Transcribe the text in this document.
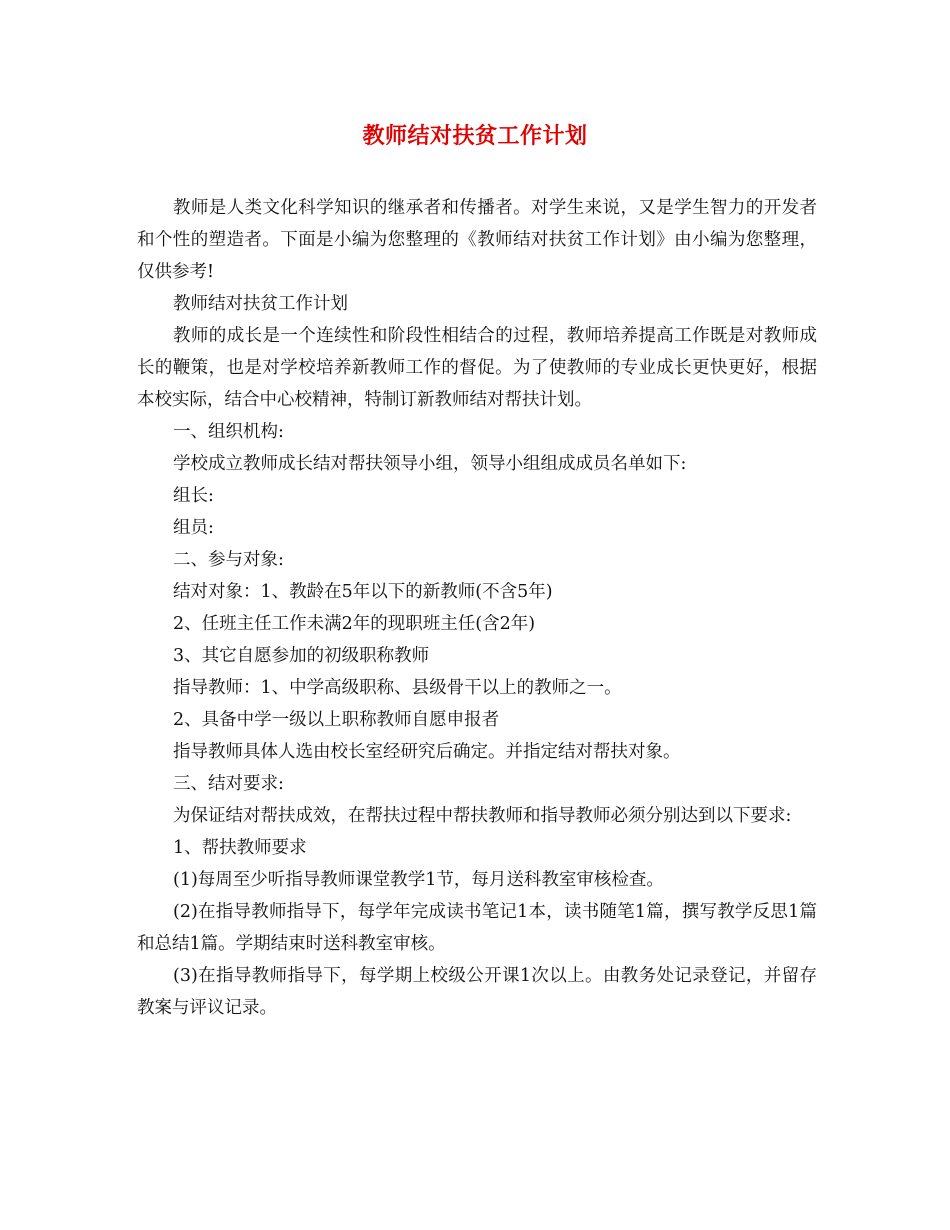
教师结对扶贫工作计划

教师是人类文化科学知识的继承者和传播者。对学生来说，又是学生智力的开发者和个性的塑造者。下面是小编为您整理的《教师结对扶贫工作计划》由小编为您整理，仅供参考!

教师结对扶贫工作计划

教师的成长是一个连续性和阶段性相结合的过程，教师培养提高工作既是对教师成长的鞭策，也是对学校培养新教师工作的督促。为了使教师的专业成长更快更好，根据本校实际，结合中心校精神，特制订新教师结对帮扶计划。

一、组织机构:

学校成立教师成长结对帮扶领导小组，领导小组组成成员名单如下:

组长:

组员:

二、参与对象:

结对对象：1、教龄在5年以下的新教师(不含5年)

2、任班主任工作未满2年的现职班主任(含2年)

3、其它自愿参加的初级职称教师

指导教师：1、中学高级职称、县级骨干以上的教师之一。

2、具备中学一级以上职称教师自愿申报者

指导教师具体人选由校长室经研究后确定。并指定结对帮扶对象。

三、结对要求:

为保证结对帮扶成效，在帮扶过程中帮扶教师和指导教师必须分别达到以下要求:

1、帮扶教师要求

(1)每周至少听指导教师课堂教学1节，每月送科教室审核检查。

(2)在指导教师指导下，每学年完成读书笔记1本，读书随笔1篇，撰写教学反思1篇和总结1篇。学期结束时送科教室审核。

(3)在指导教师指导下，每学期上校级公开课1次以上。由教务处记录登记，并留存教案与评议记录。
